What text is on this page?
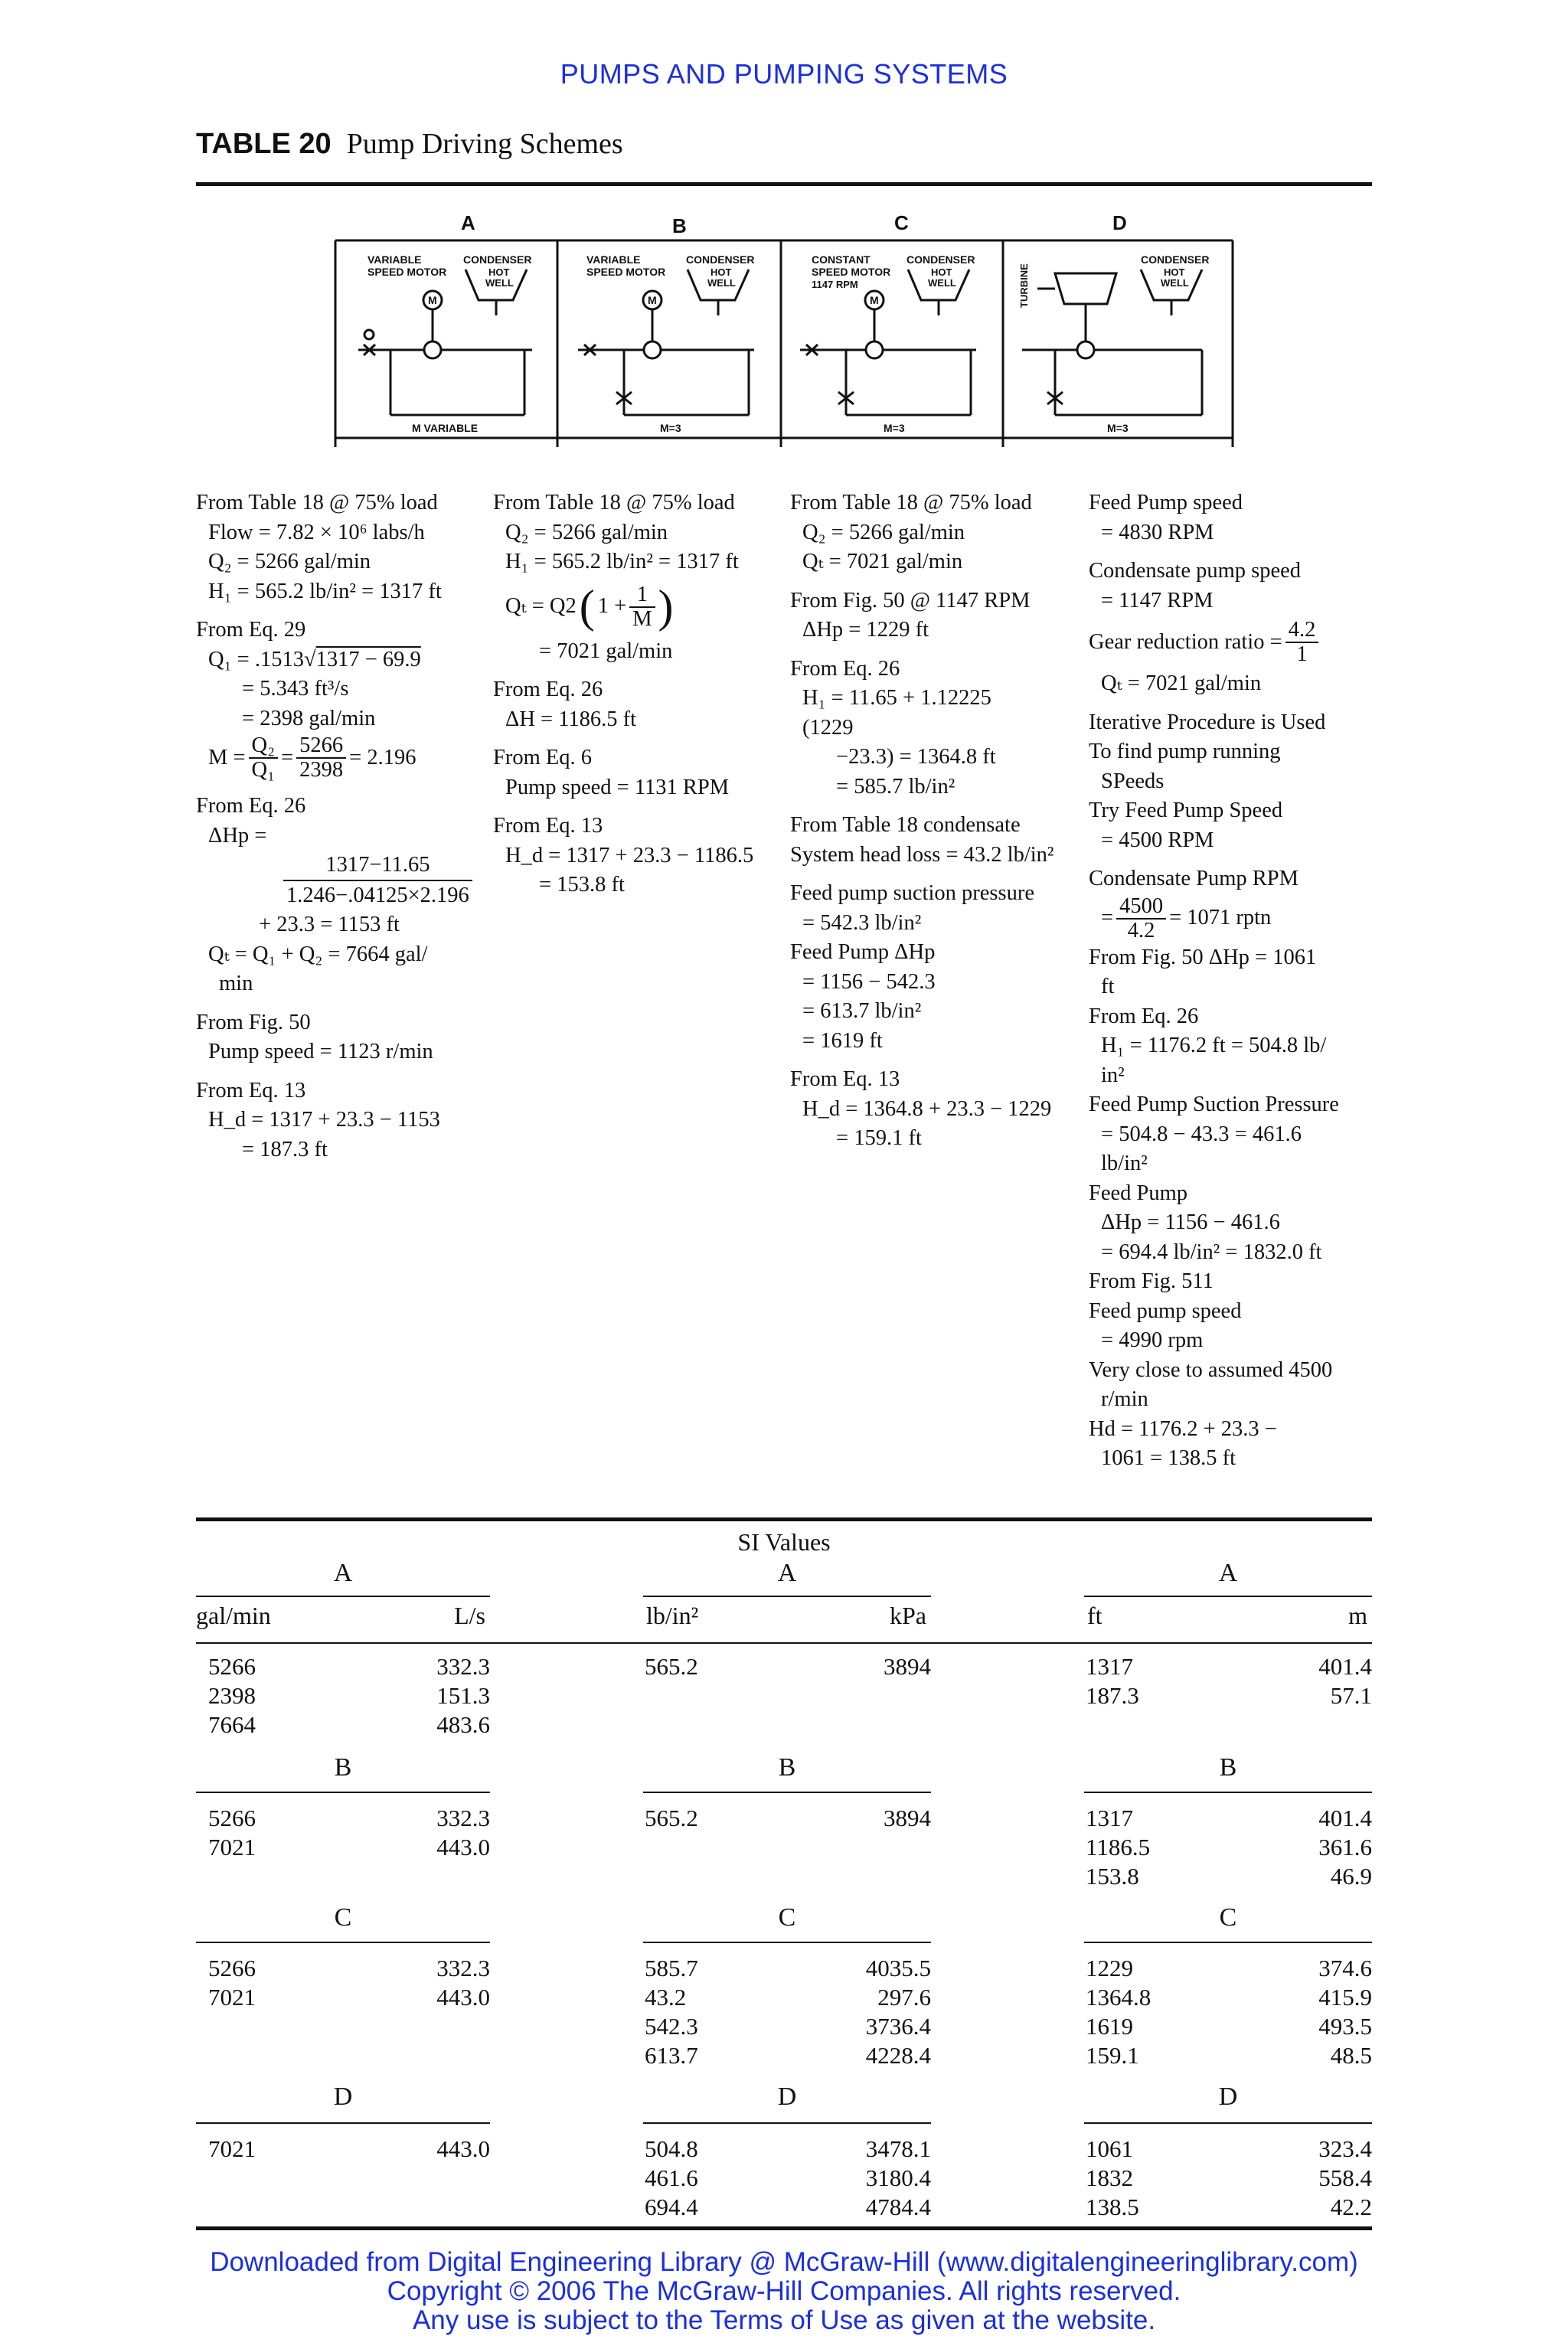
PUMPS AND PUMPING SYSTEMS
TABLE 20 Pump Driving Schemes
A	B	C	D
VARIABLE
SPEED MOTOR
CONDENSER
HOT
WELL
M
M VARIABLE
VARIABLE
SPEED MOTOR
CONDENSER
HOT
WELL
M
M=3
CONSTANT
SPEED MOTOR
1147 RPM
CONDENSER
HOT
WELL
M
M=3
TURBINE
CONDENSER
HOT
WELL
M=3
From Table 18 @ 75% load
Flow = 7.82 × 10⁶ labs/h
Q₂ = 5266 gal/min
H₁ = 565.2 lb/in² = 1317 ft
From Eq. 29
Q₁ = .1513√1317 − 69.9
= 5.343 ft³/s
= 2398 gal/min
$M = \frac{\text{Q₂}}{\text{Q₁}} = \frac{5266}{2398} = 2.196$
From Eq. 26
ΔHp =
$\frac{1317-11.65}{1.246-.04125\times 2.196}$
+ 23.3 = 1153 ft
Qₜ = Q₁ + Q₂ = 7664 gal/
min
From Fig. 50
Pump speed = 1123 r/min
From Eq. 13
H_d = 1317 + 23.3 − 1153
= 187.3 ft
From Table 18 @ 75% load
Q₂ = 5266 gal/min
H₁ = 565.2 lb/in² = 1317 ft
Qₜ = Q2 ( $1 + \frac{1}{M}$ )
= 7021 gal/min
From Eq. 26
ΔH = 1186.5 ft
From Eq. 6
Pump speed = 1131 RPM
From Eq. 13
H_d = 1317 + 23.3 − 1186.5
= 153.8 ft
From Table 18 @ 75% load
Q₂ = 5266 gal/min
Qₜ = 7021 gal/min
From Fig. 50 @ 1147 RPM
ΔHp = 1229 ft
From Eq. 26
H₁ = 11.65 + 1.12225
(1229
−23.3) = 1364.8 ft
= 585.7 lb/in²
From Table 18 condensate
System head loss = 43.2 lb/in²
Feed pump suction pressure
= 542.3 lb/in²
Feed Pump ΔHp
= 1156 − 542.3
= 613.7 lb/in²
= 1619 ft
From Eq. 13
H_d = 1364.8 + 23.3 − 1229
= 159.1 ft
Feed Pump speed
= 4830 RPM
Condensate pump speed
= 1147 RPM
Gear reduction ratio = $\frac{4.2}{1}$
Qₜ = 7021 gal/min
Iterative Procedure is Used
To find pump running
SPeeds
Try Feed Pump Speed
= 4500 RPM
Condensate Pump RPM
= $\frac{4500}{4.2} = 1071$ rptn
From Fig. 50 ΔHp = 1061
ft
From Eq. 26
H₁ = 1176.2 ft = 504.8 lb/
in²
Feed Pump Suction Pressure
= 504.8 − 43.3 = 461.6
lb/in²
Feed Pump
ΔHp = 1156 − 461.6
= 694.4 lb/in² = 1832.0 ft
From Fig. 511
Feed pump speed
= 4990 rpm
Very close to assumed 4500
r/min
Hd = 1176.2 + 23.3 −
1061 = 138.5 ft
SI Values
A
gal/min	L/s
5266	332.3
2398	151.3
7664	483.6
A
lb/in²	kPa
565.2	3894
A
ft	m
1317	401.4
187.3	57.1
B
5266	332.3
7021	443.0
B
565.2	3894
B
1317	401.4
1186.5	361.6
153.8	46.9
C
5266	332.3
7021	443.0
C
585.7	4035.5
43.2	297.6
542.3	3736.4
613.7	4228.4
C
1229	374.6
1364.8	415.9
1619	493.5
159.1	48.5
D
7021	443.0
D
504.8	3478.1
461.6	3180.4
694.4	4784.4
D
1061	323.4
1832	558.4
138.5	42.2
Downloaded from Digital Engineering Library @ McGraw-Hill (www.digitalengineeringlibrary.com)
Copyright © 2006 The McGraw-Hill Companies. All rights reserved.
Any use is subject to the Terms of Use as given at the website.
